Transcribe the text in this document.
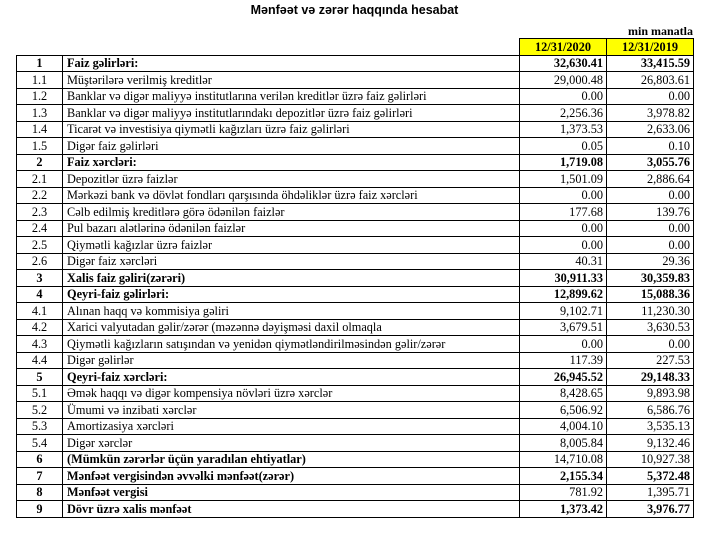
Mənfəət və zərər haqqında hesabat
min manatla
		12/31/2020	12/31/2019
1	Faiz gəlirləri:	32,630.41	33,415.59
1.1	Müştərilərə verilmiş kreditlər	29,000.48	26,803.61
1.2	Banklar və digər maliyyə institutlarına verilən kreditlər üzrə faiz gəlirləri	0.00	0.00
1.3	Banklar və digər maliyyə institutlarındakı depozitlər üzrə faiz gəlirləri	2,256.36	3,978.82
1.4	Ticarət və investisiya qiymətli kağızları üzrə faiz gəlirləri	1,373.53	2,633.06
1.5	Digər faiz gəlirləri	0.05	0.10
2	Faiz xərcləri:	1,719.08	3,055.76
2.1	Depozitlər üzrə faizlər	1,501.09	2,886.64
2.2	Mərkəzi bank və dövlət fondları qarşısında öhdəliklər üzrə faiz xərcləri	0.00	0.00
2.3	Cəlb edilmiş kreditlərə görə ödənilən faizlər	177.68	139.76
2.4	Pul bazarı alətlərinə ödənilən faizlər	0.00	0.00
2.5	Qiymətli kağızlar üzrə faizlər	0.00	0.00
2.6	Digər faiz xərcləri	40.31	29.36
3	Xalis faiz gəliri(zərəri)	30,911.33	30,359.83
4	Qeyri-faiz gəlirləri:	12,899.62	15,088.36
4.1	Alınan haqq və kommisiya gəliri	9,102.71	11,230.30
4.2	Xarici valyutadan gəlir/zərər (məzənnə dəyişməsi daxil olmaqla	3,679.51	3,630.53
4.3	Qiymətli kağızların satışından və yenidən qiymətləndirilməsindən gəlir/zərər	0.00	0.00
4.4	Digər gəlirlər	117.39	227.53
5	Qeyri-faiz xərcləri:	26,945.52	29,148.33
5.1	Əmək haqqı və digər kompensiya növləri üzrə xərclər	8,428.65	9,893.98
5.2	Ümumi və inzibati xərclər	6,506.92	6,586.76
5.3	Amortizasiya xərcləri	4,004.10	3,535.13
5.4	Digər xərclər	8,005.84	9,132.46
6	(Mümkün zərərlər üçün yaradılan ehtiyatlar)	14,710.08	10,927.38
7	Mənfəət vergisindən əvvəlki mənfəət(zərər)	2,155.34	5,372.48
8	Mənfəət vergisi	781.92	1,395.71
9	Dövr üzrə xalis mənfəət	1,373.42	3,976.77
